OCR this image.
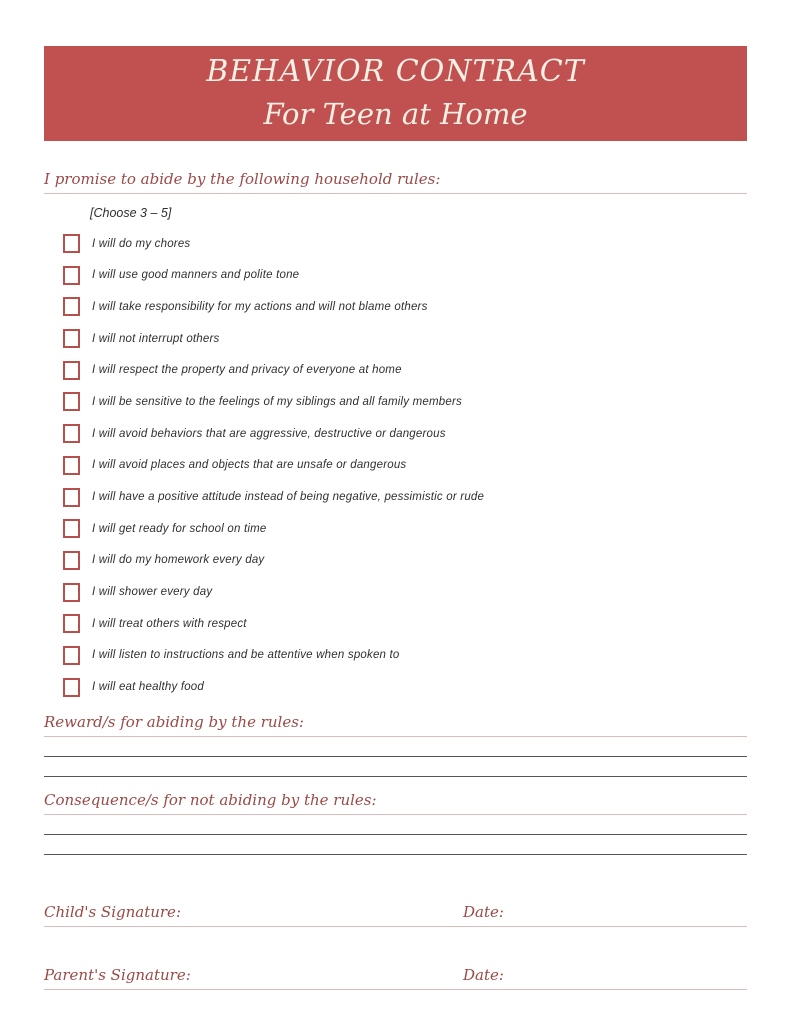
BEHAVIOR CONTRACT
For Teen at Home
I promise to abide by the following household rules:
[Choose 3 – 5]
I will do my chores
I will use good manners and polite tone
I will take responsibility for my actions and will not blame others
I will not interrupt others
I will respect the property and privacy of everyone at home
I will be sensitive to the feelings of my siblings and all family members
I will avoid behaviors that are aggressive, destructive or dangerous
I will avoid places and objects that are unsafe or dangerous
I will have a positive attitude instead of being negative, pessimistic or rude
I will get ready for school on time
I will do my homework every day
I will shower every day
I will treat others with respect
I will listen to instructions and be attentive when spoken to
I will eat healthy food
Reward/s for abiding by the rules:
Consequence/s for not abiding by the rules:
Child's Signature:	Date:
Parent's Signature:	Date:
